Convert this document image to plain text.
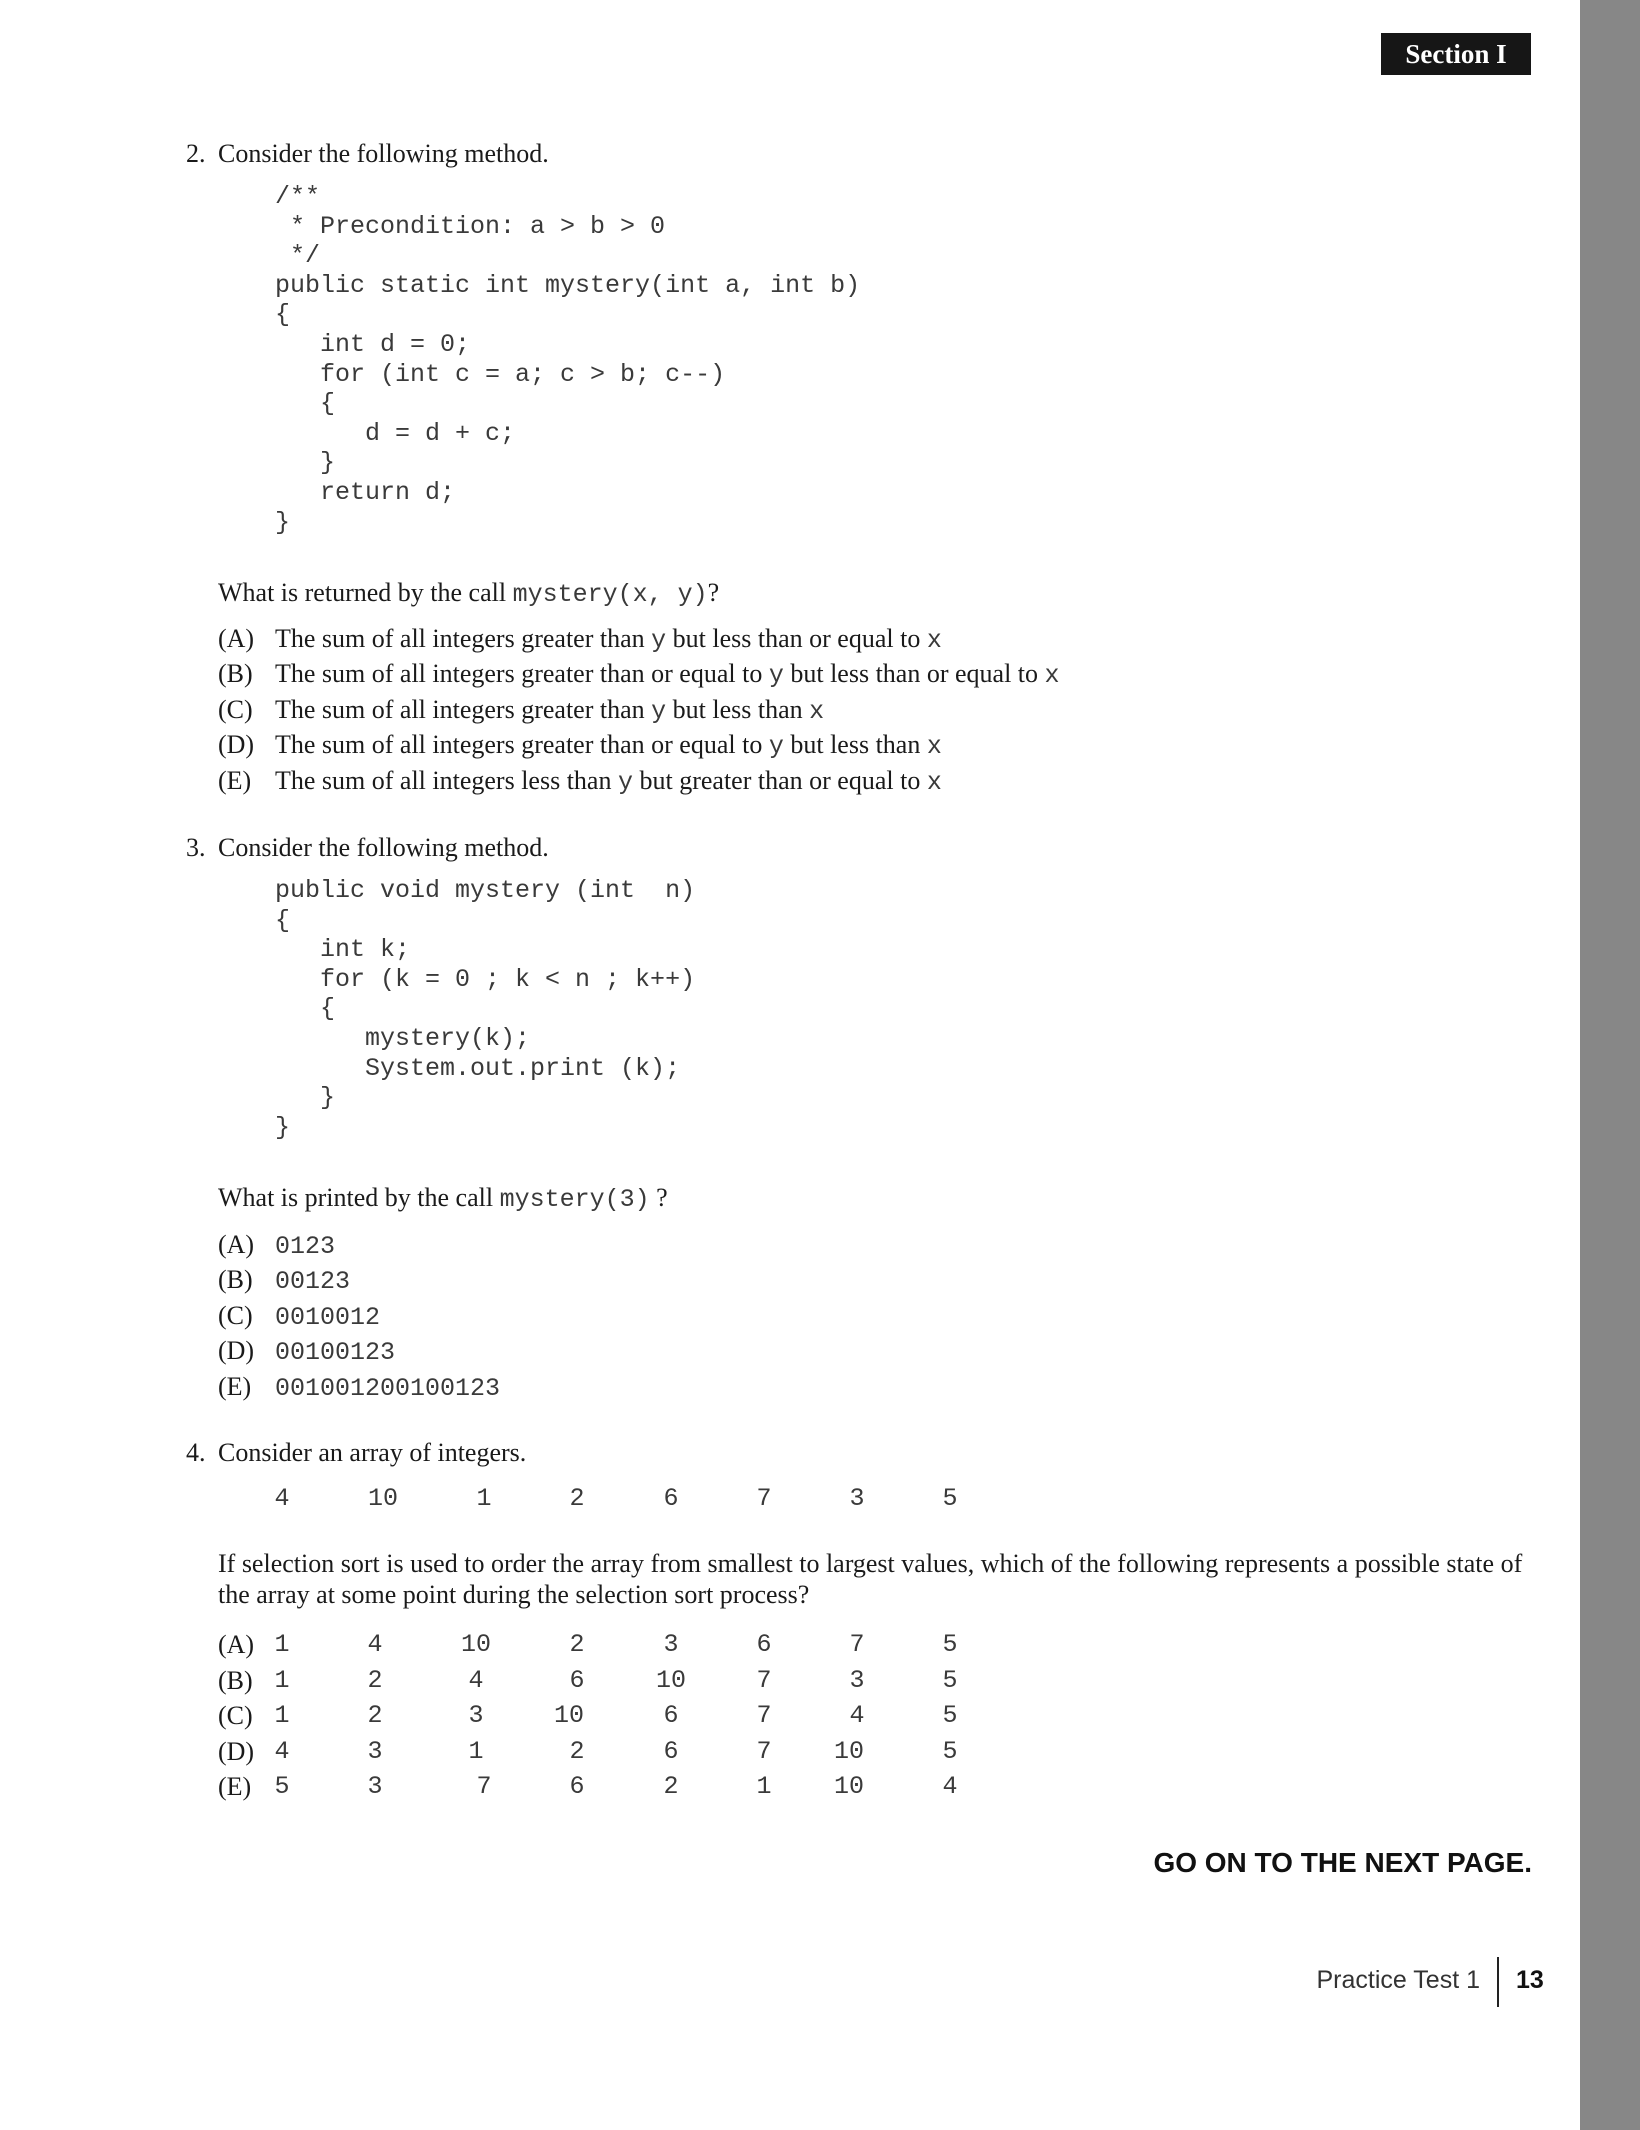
Section I
2. Consider the following method.
/**
* Precondition: a > b > 0
*/
public static int mystery(int a, int b)
{
int d = 0;
for (int c = a; c > b; c--)
{
d = d + c;
}
return d;
}
What is returned by the call mystery(x, y)?
(A) The sum of all integers greater than y but less than or equal to x
(B) The sum of all integers greater than or equal to y but less than or equal to x
(C) The sum of all integers greater than y but less than x
(D) The sum of all integers greater than or equal to y but less than x
(E) The sum of all integers less than y but greater than or equal to x
3. Consider the following method.
public void mystery (int  n)
{
int k;
for (k = 0 ; k < n ; k++)
{
mystery(k);
System.out.print (k);
}
}
What is printed by the call mystery(3) ?
(A) 0123
(B) 00123
(C) 0010012
(D) 00100123
(E) 001001200100123
4. Consider an array of integers.
4	10	1	2	6	7	3	5
If selection sort is used to order the array from smallest to largest values, which of the following represents a possible state of
the array at some point during the selection sort process?
(A) 1	4	10	2	3	6	7	5
(B) 1	2	4	6	10	7	3	5
(C) 1	2	3	10	6	7	4	5
(D) 4	3	1	2	6	7	10	5
(E) 5	3	7	6	2	1	10	4
GO ON TO THE NEXT PAGE.
Practice Test 1 13
